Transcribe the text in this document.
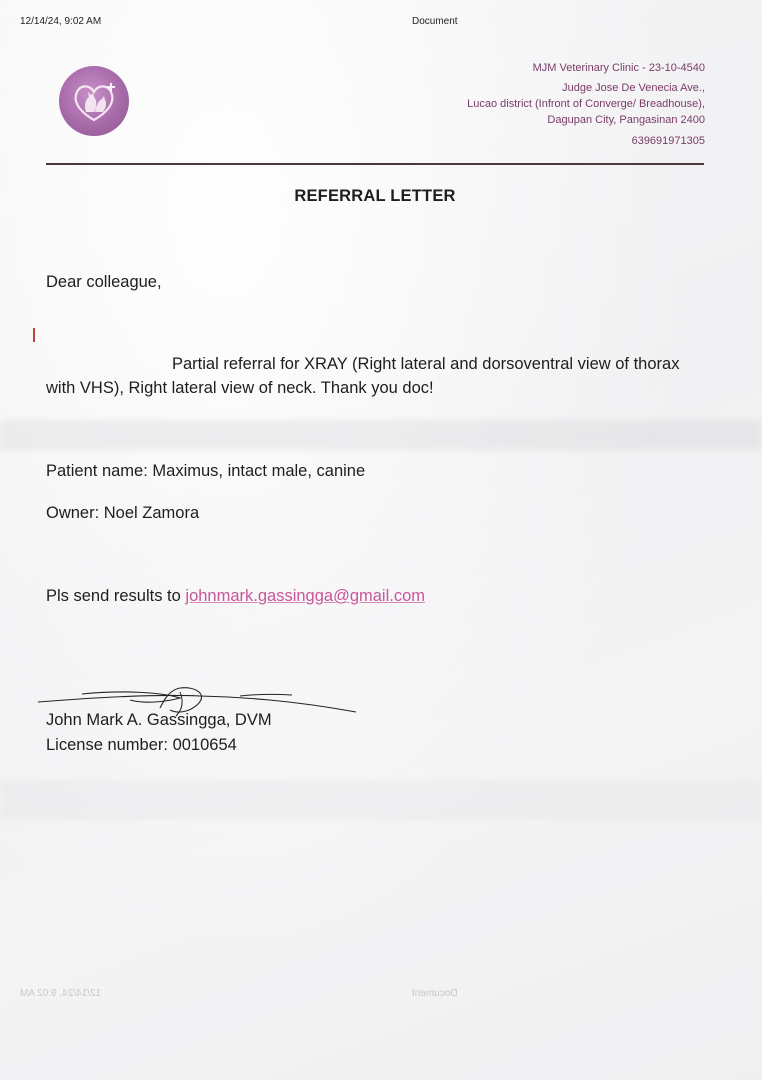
12/14/24, 9:02 AM	Document
MJM Veterinary Clinic - 23-10-4540
Judge Jose De Venecia Ave.,
Lucao district (Infront of Converge/ Breadhouse),
Dagupan City, Pangasinan 2400
639691971305
REFERRAL LETTER
Dear colleague,
Partial referral for XRAY (Right lateral and dorsoventral view of thorax with VHS), Right lateral view of neck. Thank you doc!
Patient name: Maximus, intact male, canine
Owner: Noel Zamora
Pls send results to johnmark.gassingga@gmail.com
John Mark A. Gassingga, DVM
License number: 0010654
12/14/24, 9:02 AM	Document
